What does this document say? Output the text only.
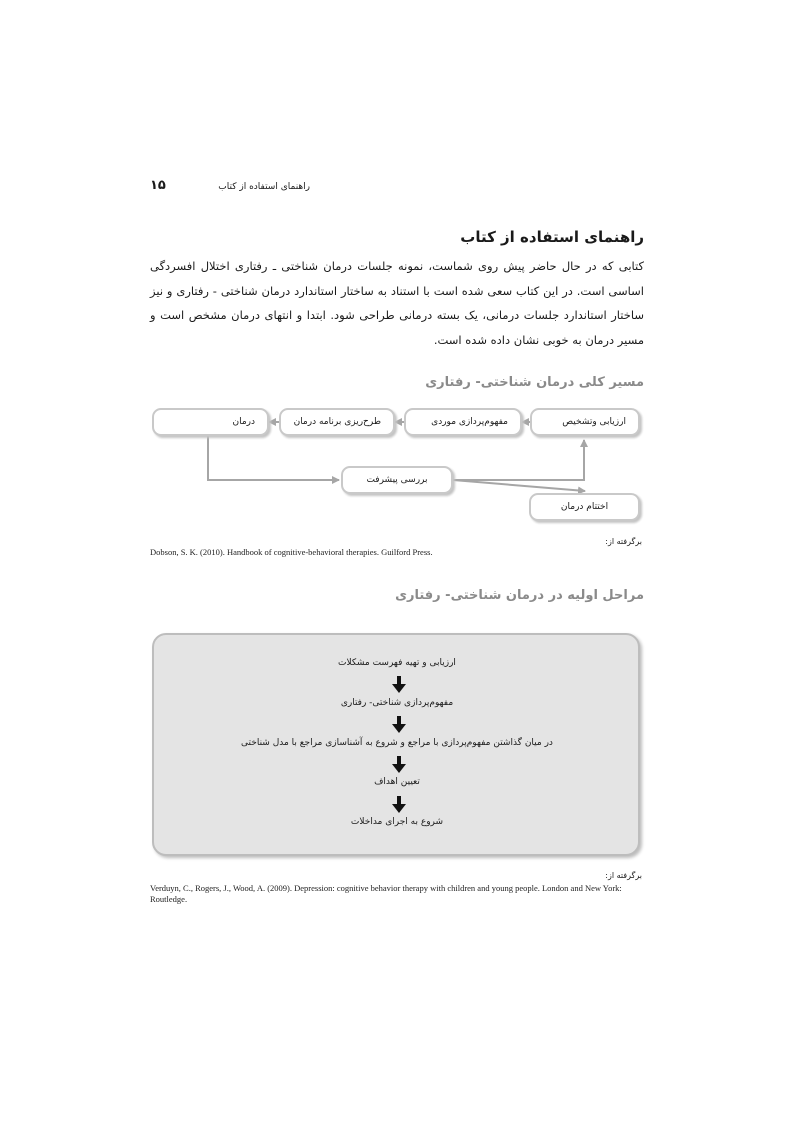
۱۵	راهنمای استفاده از کتاب
راهنمای استفاده از کتاب
کتابی که در حال حاضر پیش روی شماست، نمونه جلسات درمان شناختی ـ رفتاری اختلال افسردگی اساسی است. در این کتاب سعی شده است با استناد به ساختار استاندارد درمان شناختی - رفتاری و نیز ساختار استاندارد جلسات درمانی، یک بسته درمانی طراحی شود. ابتدا و انتهای درمان مشخص است و مسیر درمان به خوبی نشان داده شده است.
مسیر کلی درمان شناختی- رفتاری
ارزیابی وتشخیص
مفهوم‌پردازی موردی
طرح‌ریزی برنامه درمان
درمان
بررسی پیشرفت
اختتام درمان
برگرفته از:
Dobson, S. K. (2010). Handbook of cognitive-behavioral therapies. Guilford Press.
مراحل اولیه در درمان شناختی- رفتاری
ارزیابی و تهیه فهرست مشکلات
مفهوم‌پردازی شناختی- رفتاری
در میان گذاشتن مفهوم‌پردازی با مراجع و شروع به آشناسازی مراجع با مدل شناختی
تعیین اهداف
شروع به اجرای مداخلات
برگرفته از:
Verduyn, C., Rogers, J., Wood, A. (2009). Depression: cognitive behavior therapy with children and young people. London and New York: Routledge.
